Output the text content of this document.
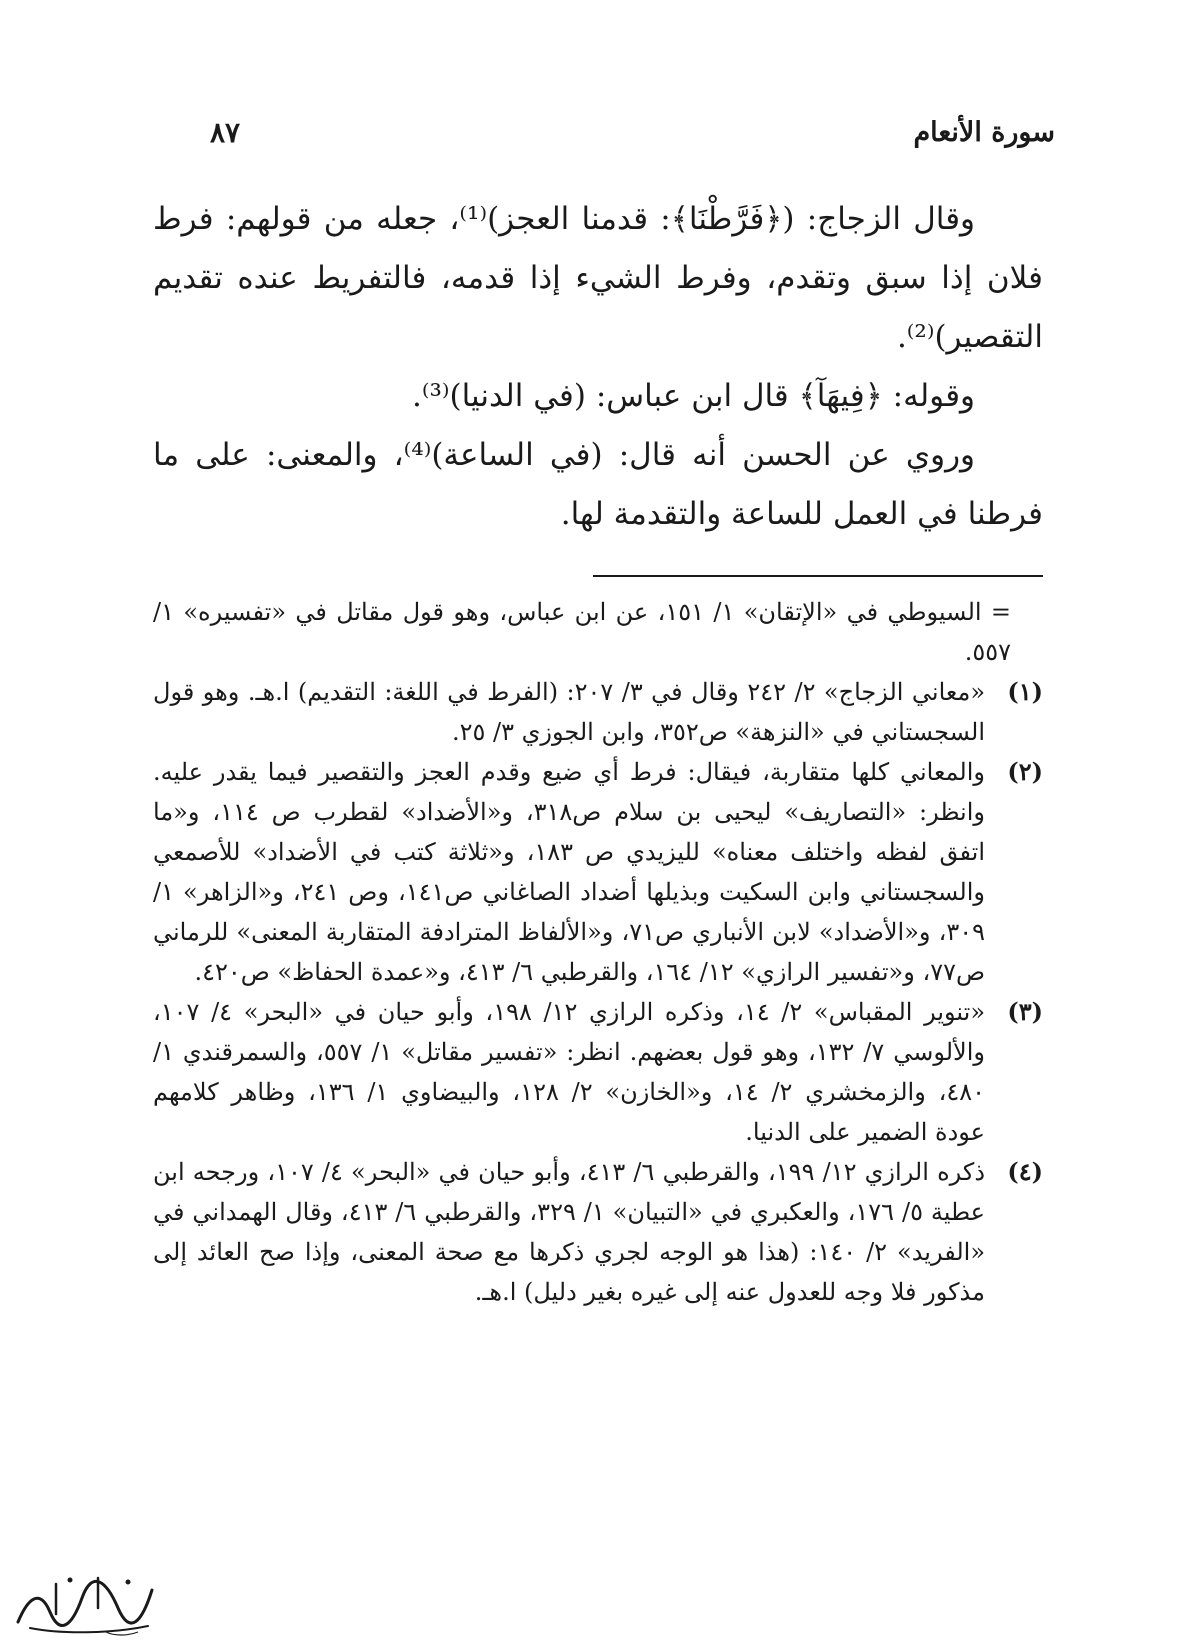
سورة الأنعام
٨٧

وقال الزجاج: (﴿فَرَّطْنَا﴾: قدمنا العجز)⁽¹⁾، جعله من قولهم: فرط فلان إذا سبق وتقدم، وفرط الشيء إذا قدمه، فالتفريط عنده تقديم التقصير)⁽²⁾.

وقوله: ﴿فِيهَآ﴾ قال ابن عباس: (في الدنيا)⁽³⁾.

وروي عن الحسن أنه قال: (في الساعة)⁽⁴⁾، والمعنى: على ما فرطنا في العمل للساعة والتقدمة لها.

= السيوطي في «الإتقان» ١/ ١٥١، عن ابن عباس، وهو قول مقاتل في «تفسيره» ١/ ٥٥٧.
(١)
«معاني الزجاج» ٢/ ٢٤٢ وقال في ٣/ ٢٠٧: (الفرط في اللغة: التقديم) ا.هـ. وهو قول السجستاني في «النزهة» ص٣٥٢، وابن الجوزي ٣/ ٢٥.
(٢)
والمعاني كلها متقاربة، فيقال: فرط أي ضيع وقدم العجز والتقصير فيما يقدر عليه. وانظر: «التصاريف» ليحيى بن سلام ص٣١٨، و«الأضداد» لقطرب ص ١١٤، و«ما اتفق لفظه واختلف معناه» لليزيدي ص ١٨٣، و«ثلاثة كتب في الأضداد» للأصمعي والسجستاني وابن السكيت وبذيلها أضداد الصاغاني ص١٤١، وص ٢٤١، و«الزاهر» ١/ ٣٠٩، و«الأضداد» لابن الأنباري ص٧١، و«الألفاظ المترادفة المتقاربة المعنى» للرماني ص٧٧، و«تفسير الرازي» ١٢/ ١٦٤، والقرطبي ٦/ ٤١٣، و«عمدة الحفاظ» ص٤٢٠.
(٣)
«تنوير المقباس» ٢/ ١٤، وذكره الرازي ١٢/ ١٩٨، وأبو حيان في «البحر» ٤/ ١٠٧، والألوسي ٧/ ١٣٢، وهو قول بعضهم. انظر: «تفسير مقاتل» ١/ ٥٥٧، والسمرقندي ١/ ٤٨٠، والزمخشري ٢/ ١٤، و«الخازن» ٢/ ١٢٨، والبيضاوي ١/ ١٣٦، وظاهر كلامهم عودة الضمير على الدنيا.
(٤)
ذكره الرازي ١٢/ ١٩٩، والقرطبي ٦/ ٤١٣، وأبو حيان في «البحر» ٤/ ١٠٧، ورجحه ابن عطية ٥/ ١٧٦، والعكبري في «التبيان» ١/ ٣٢٩، والقرطبي ٦/ ٤١٣، وقال الهمداني في «الفريد» ٢/ ١٤٠: (هذا هو الوجه لجري ذكرها مع صحة المعنى، وإذا صح العائد إلى مذكور فلا وجه للعدول عنه إلى غيره بغير دليل) ا.هـ.
